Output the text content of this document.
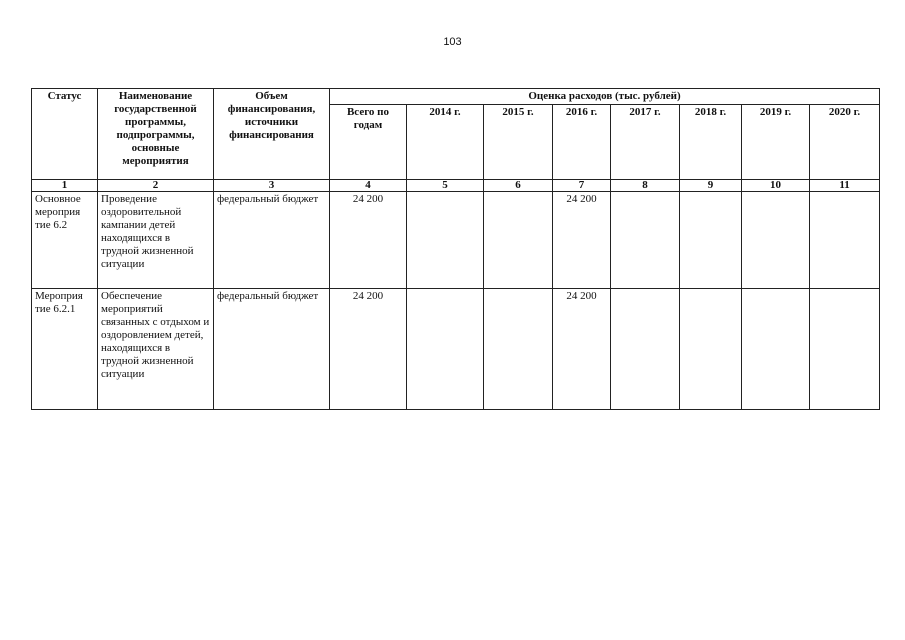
103
Статус	Наименование государственной программы, подпрограммы, основные мероприятия	Объем финансирования, источники финансирования	Оценка расходов (тыс. рублей)							
			Всего по годам	2014 г.	2015 г.	2016 г.	2017 г.	2018 г.	2019 г.	2020 г.
1	2	3	4	5	6	7	8	9	10	11
Основное мероприя тие 6.2	Проведение оздоровительной кампании детей находящихся в трудной жизненной ситуации	федеральный бюджет	24 200			24 200				
Мероприя тие 6.2.1	Обеспечение мероприятий связанных с отдыхом и оздоровлением детей, находящихся в трудной жизненной ситуации	федеральный бюджет	24 200			24 200				
